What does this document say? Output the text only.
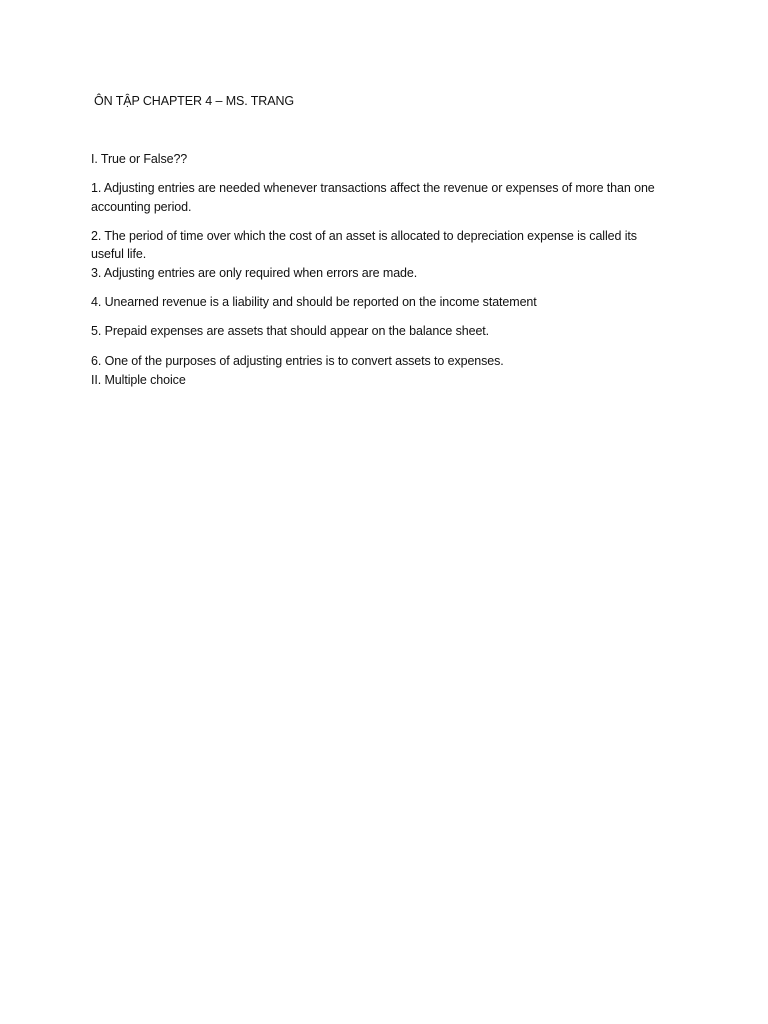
ÔN TẬP CHAPTER 4 – MS. TRANG
I. True or False??
1. Adjusting entries are needed whenever transactions affect the revenue or expenses of more than one
accounting period.
2. The period of time over which the cost of an asset is allocated to depreciation expense is called its
useful life.
3. Adjusting entries are only required when errors are made.
4. Unearned revenue is a liability and should be reported on the income statement
5. Prepaid expenses are assets that should appear on the balance sheet.
6. One of the purposes of adjusting entries is to convert assets to expenses.
II. Multiple choice
